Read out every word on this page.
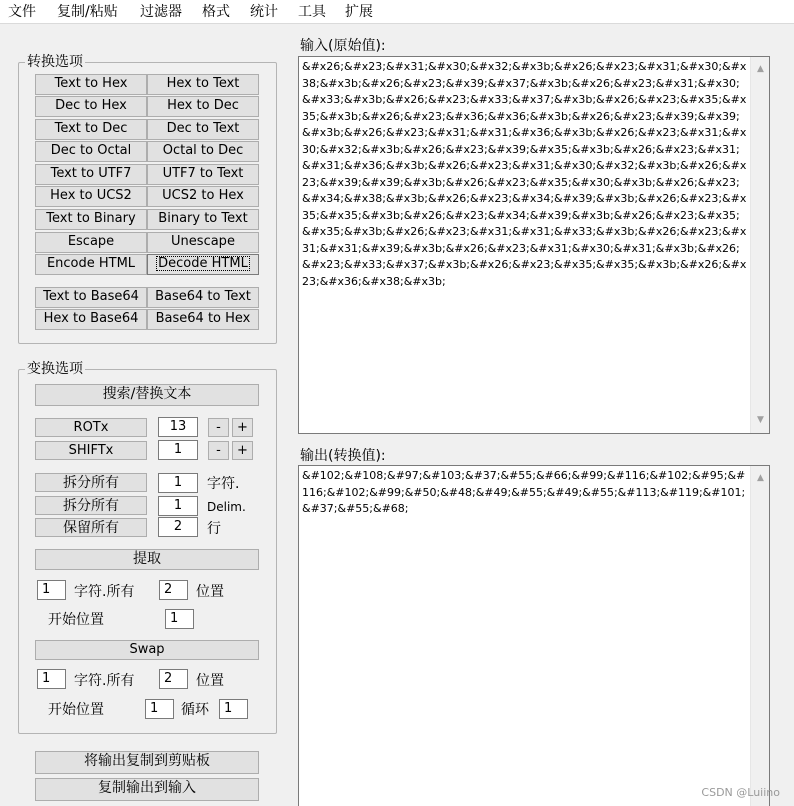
文件 复制/粘贴 过滤器 格式 统计 工具 扩展
转换选项
Text to Hex	Hex to Text
Dec to Hex	Hex to Dec
Text to Dec	Dec to Text
Dec to Octal	Octal to Dec
Text to UTF7	UTF7 to Text
Hex to UCS2	UCS2 to Hex
Text to Binary	Binary to Text
Escape	Unescape
Encode HTML	Decode HTML
Text to Base64	Base64 to Text
Hex to Base64	Base64 to Hex
变换选项
搜索/替换文本
ROTx	13	-	+
SHIFTx	1	-	+
拆分所有	1	字符.
拆分所有	1	Delim.
保留所有	2	行
提取
1	字符.所有	2	位置
开始位置	1
Swap
1	字符.所有	2	位置
开始位置	1	循环	1
将输出复制到剪贴板
复制输出到输入
输入(原始值):
&#x26;&#x23;&#x31;&#x30;&#x32;&#x3b;&#x26;&#x23;&#x31;&#x30;&#x38;&#x3b;&#x26;&#x23;&#x39;&#x37;&#x3b;&#x26;&#x23;&#x31;&#x30;&#x33;&#x3b;&#x26;&#x23;&#x33;&#x37;&#x3b;&#x26;&#x23;&#x35;&#x35;&#x3b;&#x26;&#x23;&#x36;&#x36;&#x3b;&#x26;&#x23;&#x39;&#x39;&#x3b;&#x26;&#x23;&#x31;&#x31;&#x36;&#x3b;&#x26;&#x23;&#x31;&#x30;&#x32;&#x3b;&#x26;&#x23;&#x39;&#x35;&#x3b;&#x26;&#x23;&#x31;&#x31;&#x36;&#x3b;&#x26;&#x23;&#x31;&#x30;&#x32;&#x3b;&#x26;&#x23;&#x39;&#x39;&#x3b;&#x26;&#x23;&#x35;&#x30;&#x3b;&#x26;&#x23;&#x34;&#x38;&#x3b;&#x26;&#x23;&#x34;&#x39;&#x3b;&#x26;&#x23;&#x35;&#x35;&#x3b;&#x26;&#x23;&#x34;&#x39;&#x3b;&#x26;&#x23;&#x35;&#x35;&#x3b;&#x26;&#x23;&#x31;&#x31;&#x33;&#x3b;&#x26;&#x23;&#x31;&#x31;&#x39;&#x3b;&#x26;&#x23;&#x31;&#x30;&#x31;&#x3b;&#x26;&#x23;&#x33;&#x37;&#x3b;&#x26;&#x23;&#x35;&#x35;&#x3b;&#x26;&#x23;&#x36;&#x38;&#x3b;
▲
▼
输出(转换值):
&#102;&#108;&#97;&#103;&#37;&#55;&#66;&#99;&#116;&#102;&#95;&#116;&#102;&#99;&#50;&#48;&#49;&#55;&#49;&#55;&#113;&#119;&#101;&#37;&#55;&#68;
▲
CSDN @Luiino
